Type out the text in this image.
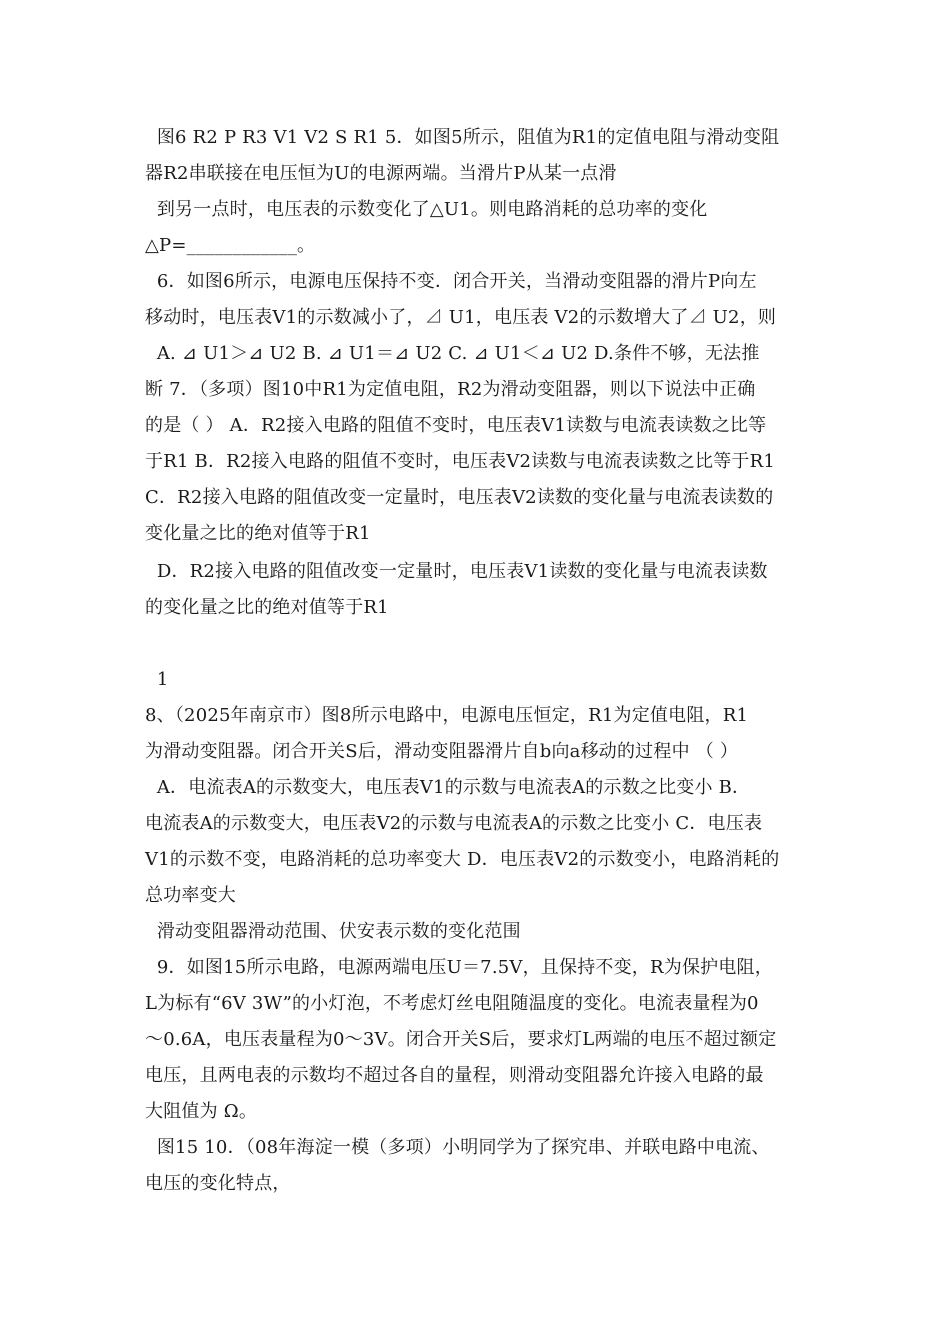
图6 R2 P R3 V1 V2 S R1 5．如图5所示，阻值为R1的定值电阻与滑动变阻
器R2串联接在电压恒为U的电源两端。当滑片P从某一点滑
到另一点时，电压表的示数变化了△U1。则电路消耗的总功率的变化
△P=____________。
6．如图6所示，电源电压保持不变．闭合开关，当滑动变阻器的滑片P向左
移动时，电压表V1的示数减小了，⊿ U1，电压表 V2的示数增大了⊿ U2，则
A. ⊿ U1＞⊿ U2 B. ⊿ U1＝⊿ U2 C. ⊿ U1＜⊿ U2 D.条件不够，无法推
断 7．（多项）图10中R1为定值电阻，R2为滑动变阻器，则以下说法中正确
的是（ ） A．R2接入电路的阻值不变时，电压表V1读数与电流表读数之比等
于R1 B．R2接入电路的阻值不变时，电压表V2读数与电流表读数之比等于R1
C．R2接入电路的阻值改变一定量时，电压表V2读数的变化量与电流表读数的
变化量之比的绝对值等于R1
D．R2接入电路的阻值改变一定量时，电压表V1读数的变化量与电流表读数
的变化量之比的绝对值等于R1
1
8、（2025年南京市）图8所示电路中，电源电压恒定，R1为定值电阻，R1
为滑动变阻器。闭合开关S后，滑动变阻器滑片自b向a移动的过程中 （ ）
A．电流表A的示数变大，电压表V1的示数与电流表A的示数之比变小 B．
电流表A的示数变大，电压表V2的示数与电流表A的示数之比变小 C．电压表
V1的示数不变，电路消耗的总功率变大 D．电压表V2的示数变小，电路消耗的
总功率变大
滑动变阻器滑动范围、伏安表示数的变化范围
9．如图15所示电路，电源两端电压U＝7.5V，且保持不变，R为保护电阻，
L为标有“6V 3W”的小灯泡，不考虑灯丝电阻随温度的变化。电流表量程为0
～0.6A，电压表量程为0～3V。闭合开关S后，要求灯L两端的电压不超过额定
电压，且两电表的示数均不超过各自的量程，则滑动变阻器允许接入电路的最
大阻值为 Ω。
图15 10．（08年海淀一模（多项）小明同学为了探究串、并联电路中电流、
电压的变化特点，
